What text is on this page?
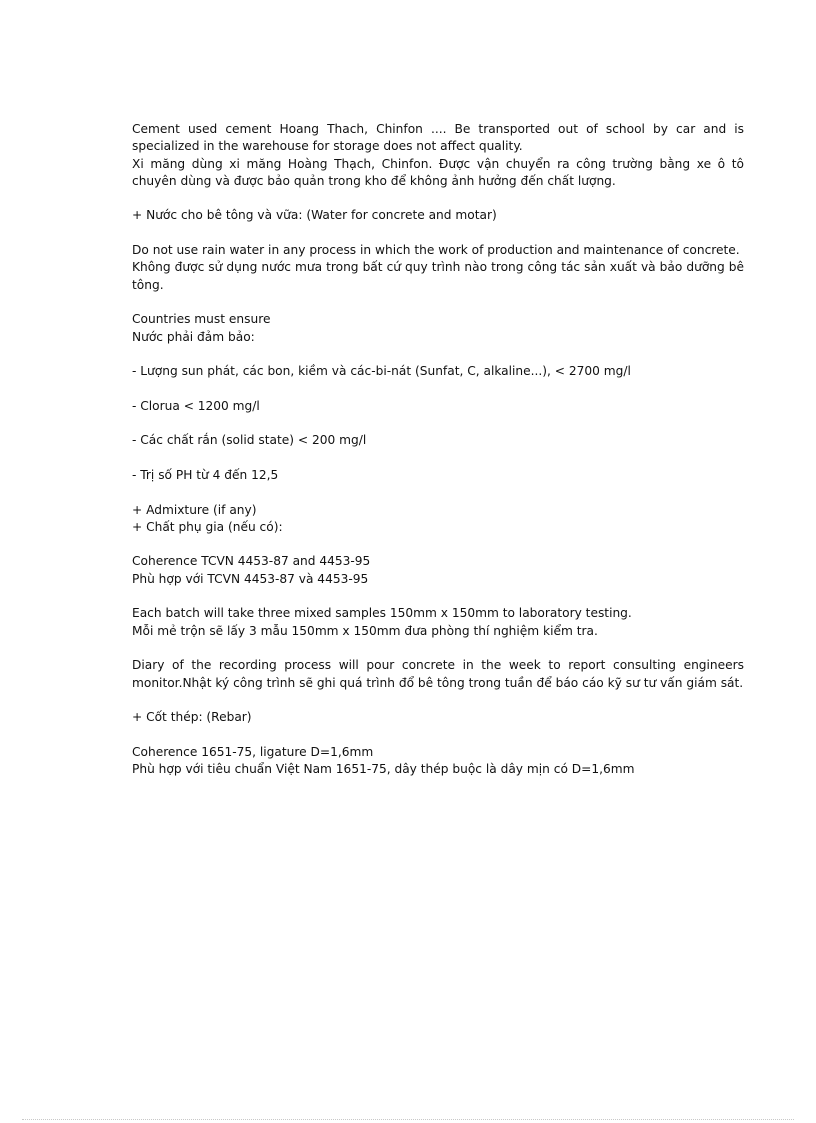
Cement used cement Hoang Thach, Chinfon .... Be transported out of school by car and is specialized in the warehouse for storage does not affect quality.

Xi măng dùng xi măng Hoàng Thạch, Chinfon. Được vận chuyển ra công trường bằng xe ô tô chuyên dùng và được bảo quản trong kho để không ảnh hưởng đến chất lượng.

+ Nước cho bê tông và vữa: (Water for concrete and motar)

Do not use rain water in any process in which the work of production and maintenance of concrete.

Không được sử dụng nước mưa trong bất cứ quy trình nào trong công tác sản xuất và bảo dưỡng bê tông.

Countries must ensure

Nước phải đảm bảo:

- Lượng sun phát, các bon, kiềm và các-bi-nát (Sunfat, C, alkaline...), < 2700 mg/l

- Clorua < 1200 mg/l

- Các chất rắn (solid state) < 200 mg/l

- Trị số PH từ 4 đến 12,5

+ Admixture (if any)

+ Chất phụ gia (nếu có):

Coherence TCVN 4453-87 and 4453-95

Phù hợp với TCVN 4453-87 và 4453-95

Each batch will take three mixed samples 150mm x 150mm to laboratory testing.

Mỗi mẻ trộn sẽ lấy 3 mẫu 150mm x 150mm đưa phòng thí nghiệm kiểm tra.

Diary of the recording process will pour concrete in the week to report consulting engineers monitor.Nhật ký công trình sẽ ghi quá trình đổ bê tông trong tuần để báo cáo kỹ sư tư vấn giám sát.

+ Cốt thép: (Rebar)

Coherence 1651-75, ligature D=1,6mm

Phù hợp với tiêu chuẩn Việt Nam 1651-75, dây thép buộc là dây mịn có D=1,6mm
